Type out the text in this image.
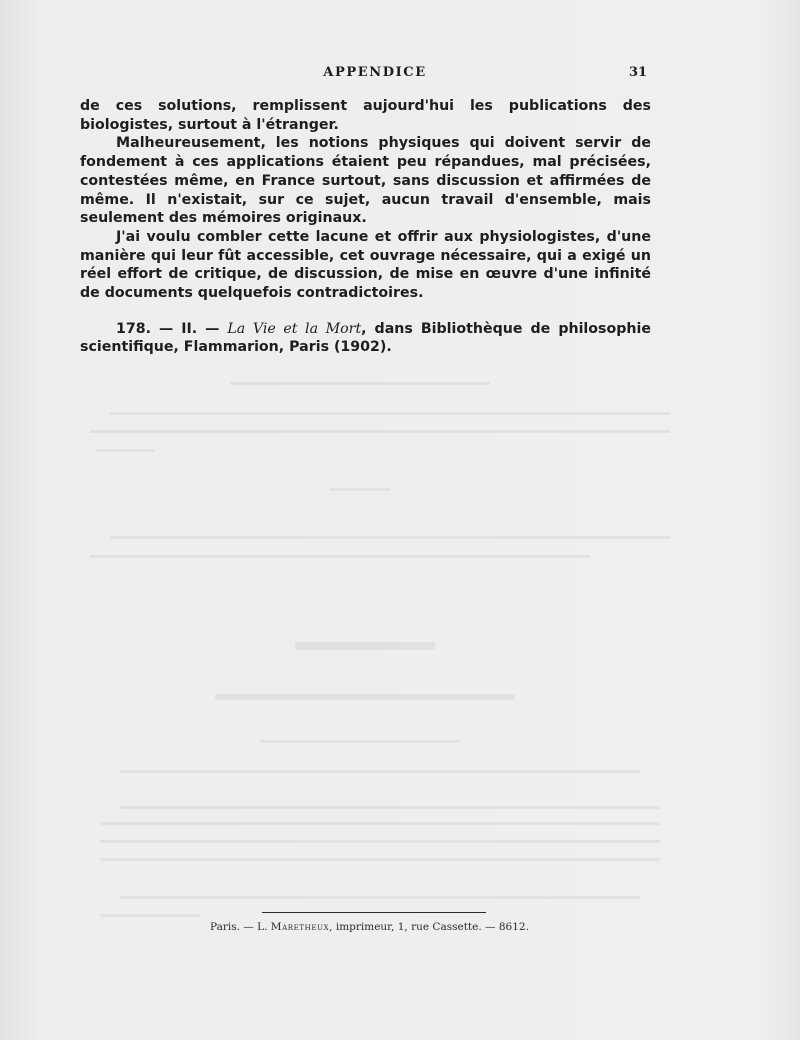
APPENDICE	31

de ces solutions, remplissent aujourd'hui les publications des biologistes, surtout à l'étranger.

Malheureusement, les notions physiques qui doivent servir de fondement à ces applications étaient peu répandues, mal précisées, contestées même, en France surtout, sans discussion et affirmées de même. Il n'existait, sur ce sujet, aucun travail d'ensemble, mais seulement des mémoires originaux.

J'ai voulu combler cette lacune et offrir aux physiologistes, d'une manière qui leur fût accessible, cet ouvrage nécessaire, qui a exigé un réel effort de critique, de discussion, de mise en œuvre d'une infinité de documents quelquefois contradictoires.

178. — II. — La Vie et la Mort, dans Bibliothèque de philosophie scientifique, Flammarion, Paris (1902).

Paris. — L. Maretheux, imprimeur, 1, rue Cassette. — 8612.
